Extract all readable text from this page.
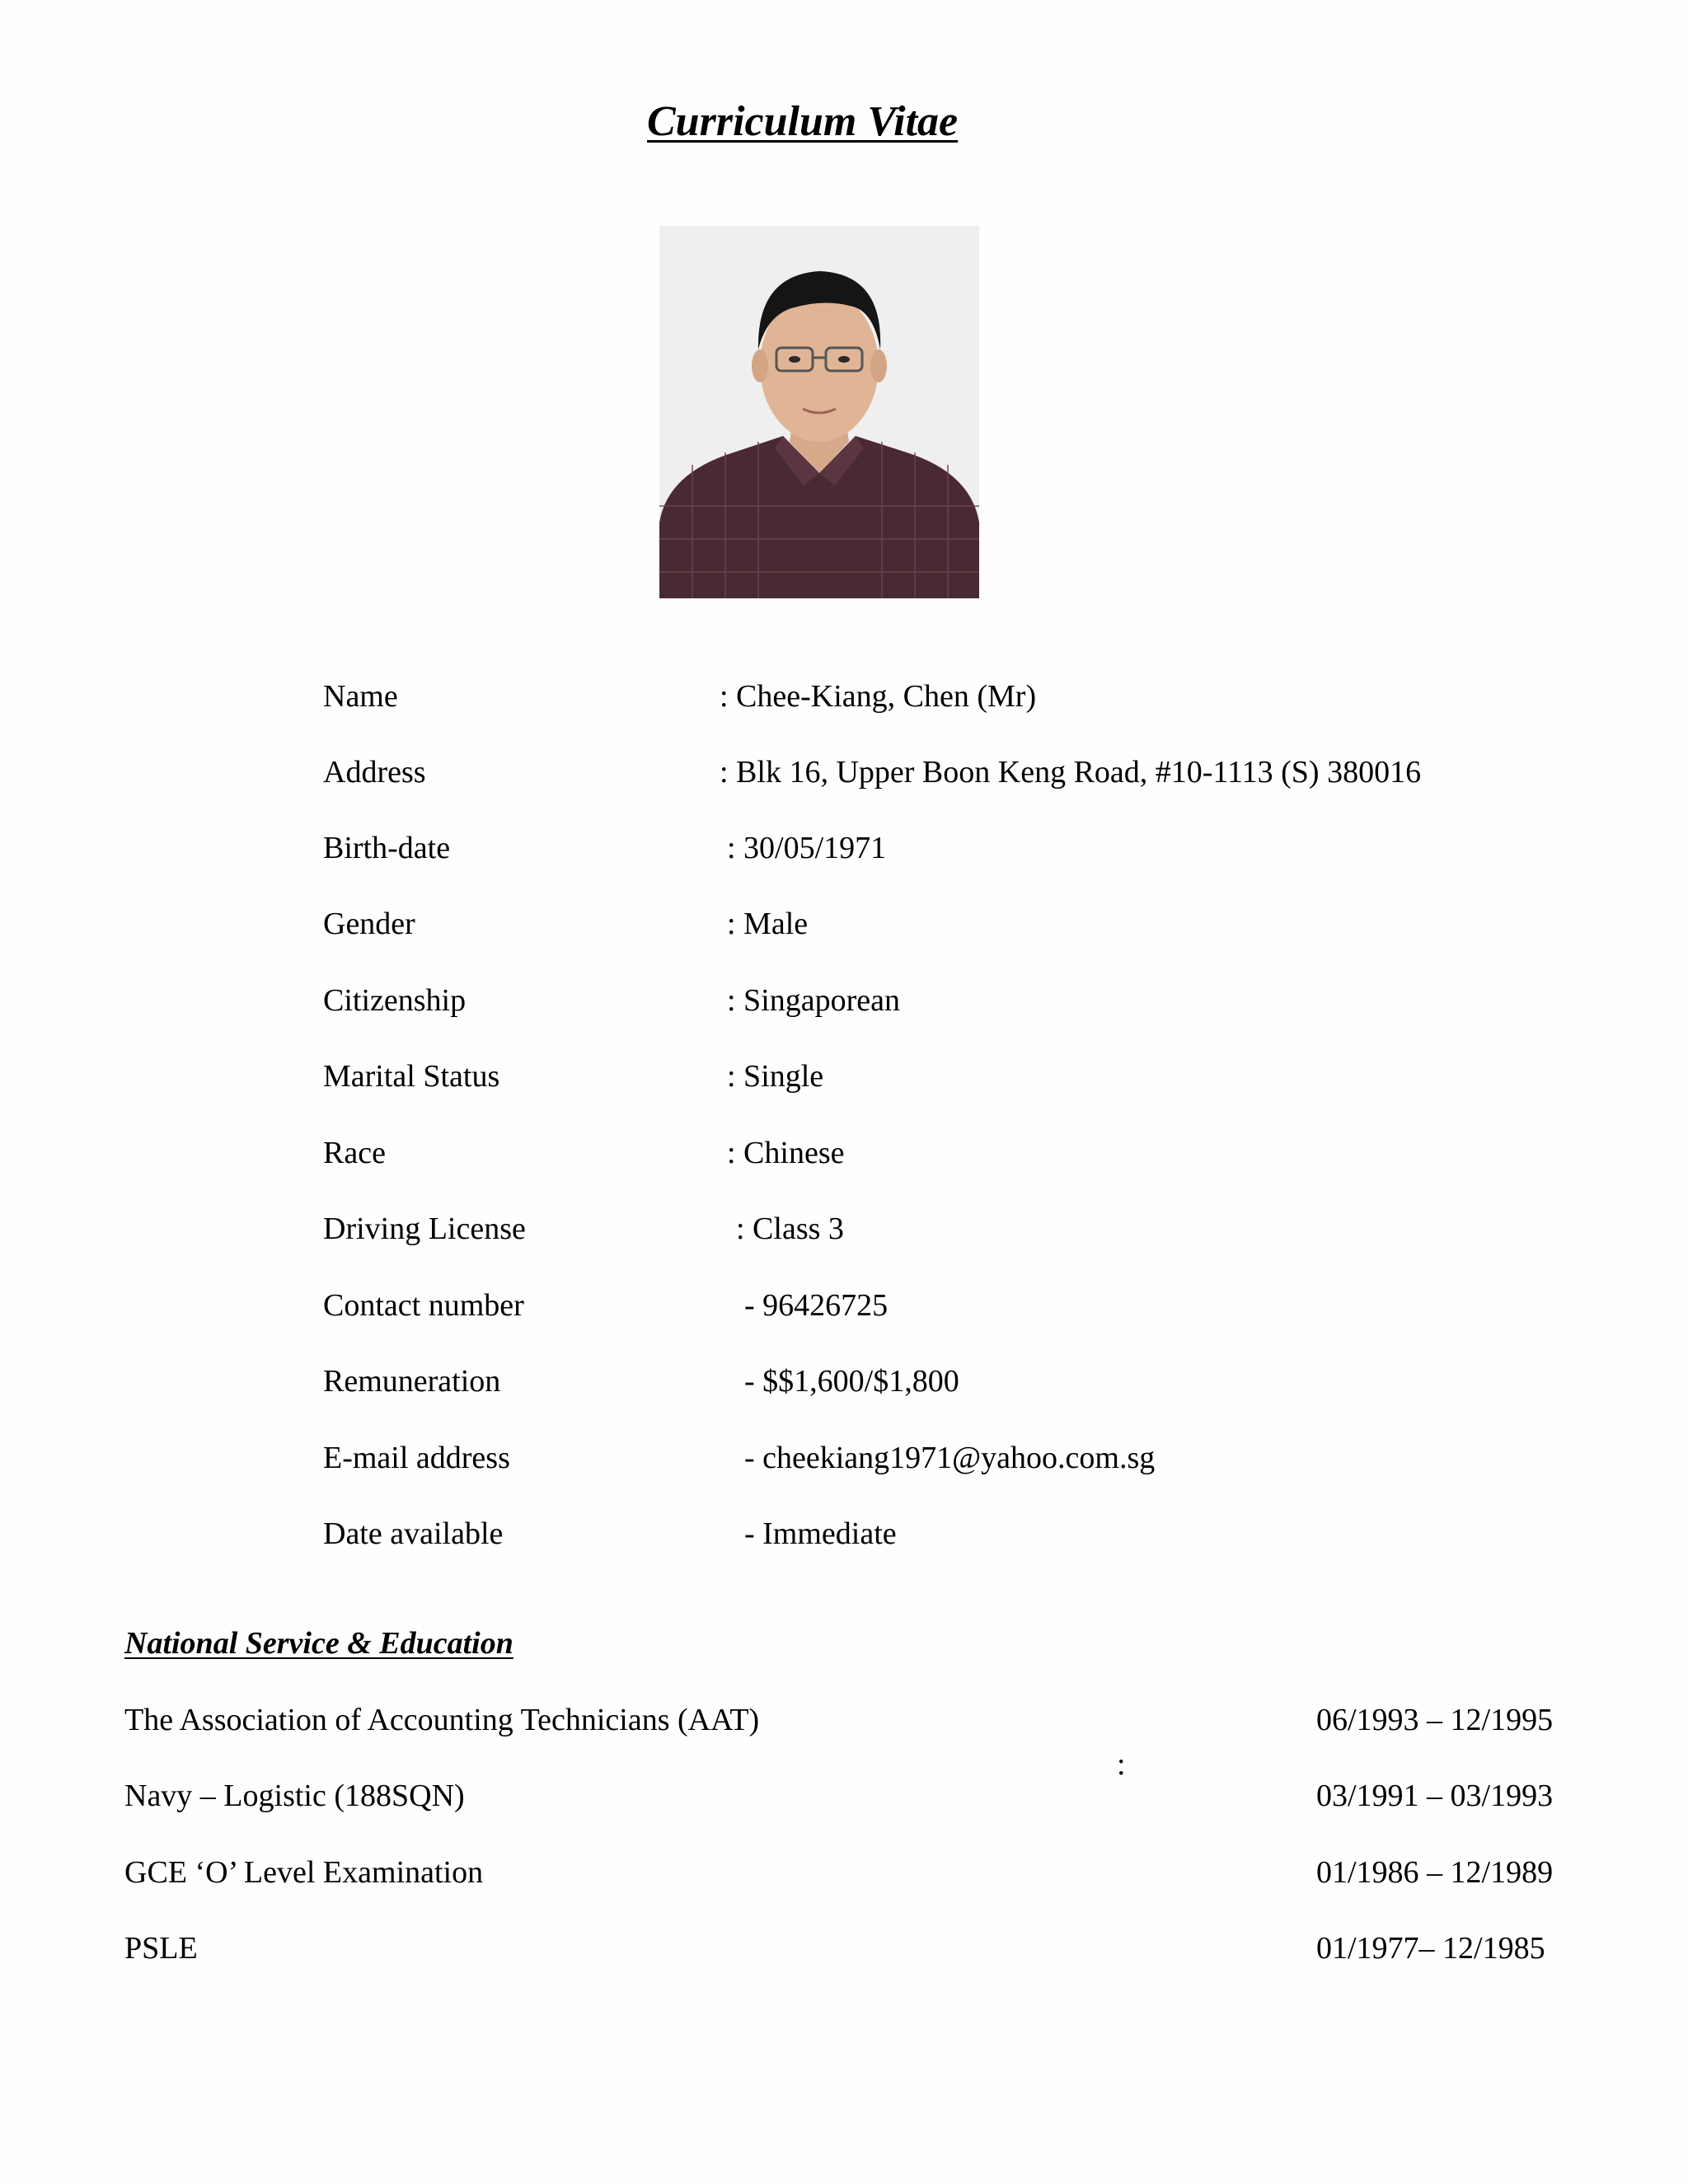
Curriculum Vitae
Name	: Chee-Kiang, Chen (Mr)
Address	: Blk 16, Upper Boon Keng Road, #10-1113 (S) 380016
Birth-date	: 30/05/1971
Gender	: Male
Citizenship	: Singaporean
Marital Status	: Single
Race	: Chinese
Driving License	: Class 3
Contact number	- 96426725
Remuneration	- $$1,600/$1,800
E-mail address	- cheekiang1971@yahoo.com.sg
Date available	- Immediate
National Service & Education
The Association of Accounting Technicians (AAT)	06/1993 – 12/1995
:
Navy – Logistic (188SQN)	03/1991 – 03/1993
GCE ‘O’ Level Examination	01/1986 – 12/1989
PSLE	01/1977– 12/1985
